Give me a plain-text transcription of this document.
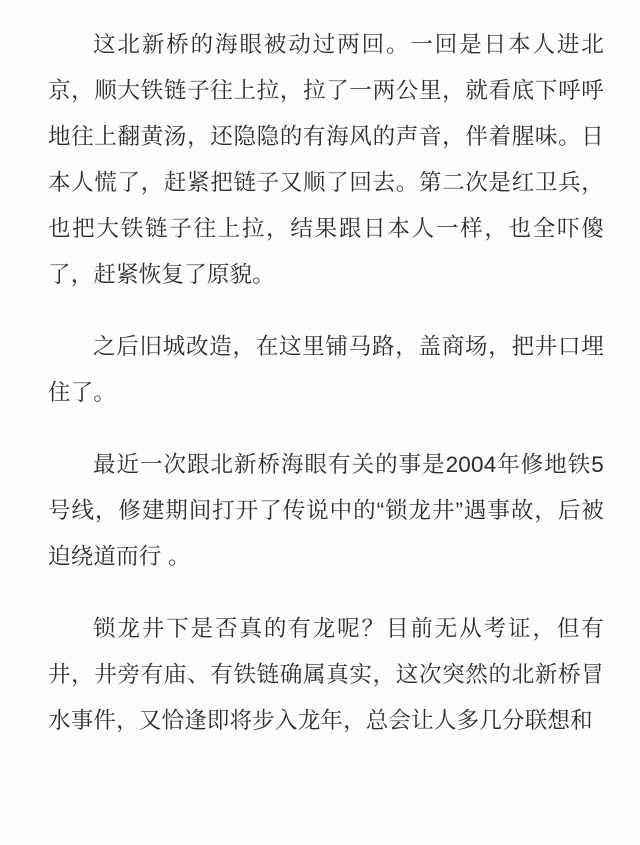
这北新桥的海眼被动过两回。一回是日本人进北京，顺大铁链子往上拉，拉了一两公里，就看底下呼呼地往上翻黄汤，还隐隐的有海风的声音，伴着腥味。日本人慌了，赶紧把链子又顺了回去。第二次是红卫兵，也把大铁链子往上拉，结果跟日本人一样，也全吓傻了，赶紧恢复了原貌。

之后旧城改造，在这里铺马路，盖商场，把井口埋住了。

最近一次跟北新桥海眼有关的事是2004年修地铁5号线，修建期间打开了传说中的“锁龙井”遇事故，后被迫绕道而行 。

锁龙井下是否真的有龙呢？目前无从考证，但有井，井旁有庙、有铁链确属真实，这次突然的北新桥冒水事件，又恰逢即将步入龙年，总会让人多几分联想和
